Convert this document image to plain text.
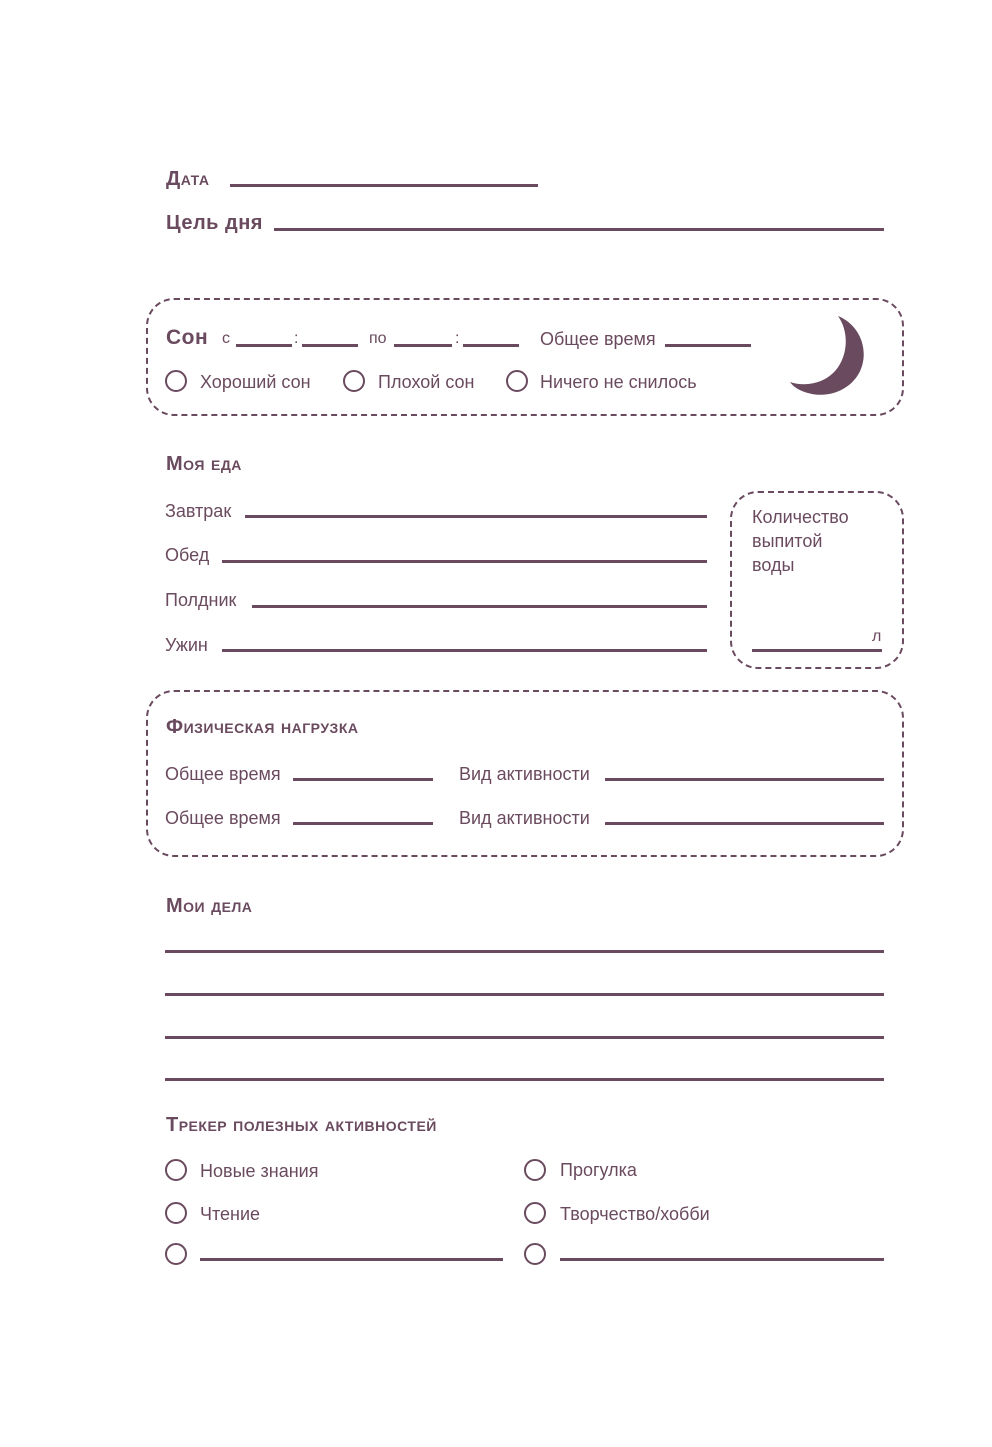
Дата
Цель дня
Сон с	:	по	:	Общее время
Хороший сон	Плохой сон	Ничего не снилось
Моя еда
Завтрак
Обед
Полдник
Ужин
Количество
выпитой
воды
л
Физическая нагрузка
Общее время	Вид активности
Общее время	Вид активности
Мои дела
Трекер полезных активностей
Новые знания	Прогулка
Чтение	Творчество/хобби
